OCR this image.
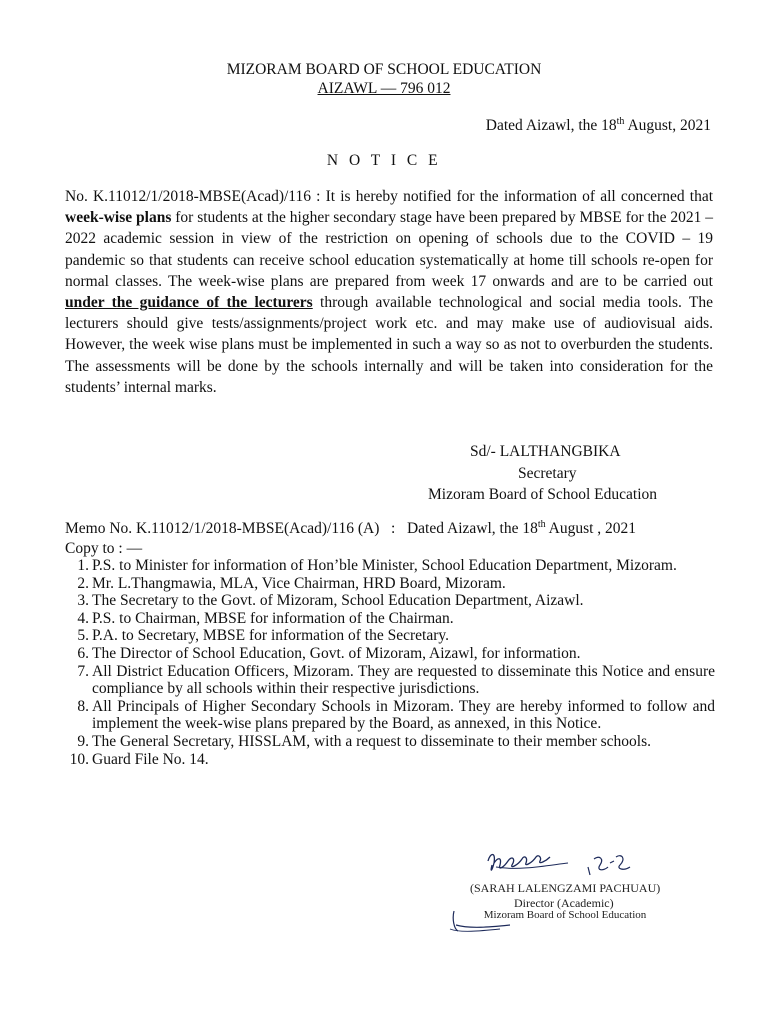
MIZORAM BOARD OF SCHOOL EDUCATION
AIZAWL — 796 012
Dated Aizawl, the 18th August, 2021
N O T I C E
No. K.11012/1/2018-MBSE(Acad)/116 : It is hereby notified for the information of all concerned that week-wise plans for students at the higher secondary stage have been prepared by MBSE for the 2021 – 2022 academic session in view of the restriction on opening of schools due to the COVID – 19 pandemic so that students can receive school education systematically at home till schools re-open for normal classes. The week-wise plans are prepared from week 17 onwards and are to be carried out under the guidance of the lecturers through available technological and social media tools. The lecturers should give tests/assignments/project work etc. and may make use of audiovisual aids. However, the week wise plans must be implemented in such a way so as not to overburden the students. The assessments will be done by the schools internally and will be taken into consideration for the students’ internal marks.
Sd/- LALTHANGBIKA
Secretary
Mizoram Board of School Education
Memo No. K.11012/1/2018-MBSE(Acad)/116 (A)   :   Dated Aizawl, the 18th August , 2021
Copy to : —
1. P.S. to Minister for information of Hon’ble Minister, School Education Department, Mizoram.
2. Mr. L.Thangmawia, MLA, Vice Chairman, HRD Board, Mizoram.
3. The Secretary to the Govt. of Mizoram, School Education Department, Aizawl.
4. P.S. to Chairman, MBSE for information of the Chairman.
5. P.A. to Secretary, MBSE for information of the Secretary.
6. The Director of School Education, Govt. of Mizoram, Aizawl, for information.
7. All District Education Officers, Mizoram. They are requested to disseminate this Notice and ensure compliance by all schools within their respective jurisdictions.
8. All Principals of Higher Secondary Schools in Mizoram. They are hereby informed to follow and implement the week-wise plans prepared by the Board, as annexed, in this Notice.
9. The General Secretary, HISSLAM, with a request to disseminate to their member schools.
10. Guard File No. 14.
Mizoram Board of School Education
(SARAH LALENGZAMI PACHUAU)
Director (Academic)
